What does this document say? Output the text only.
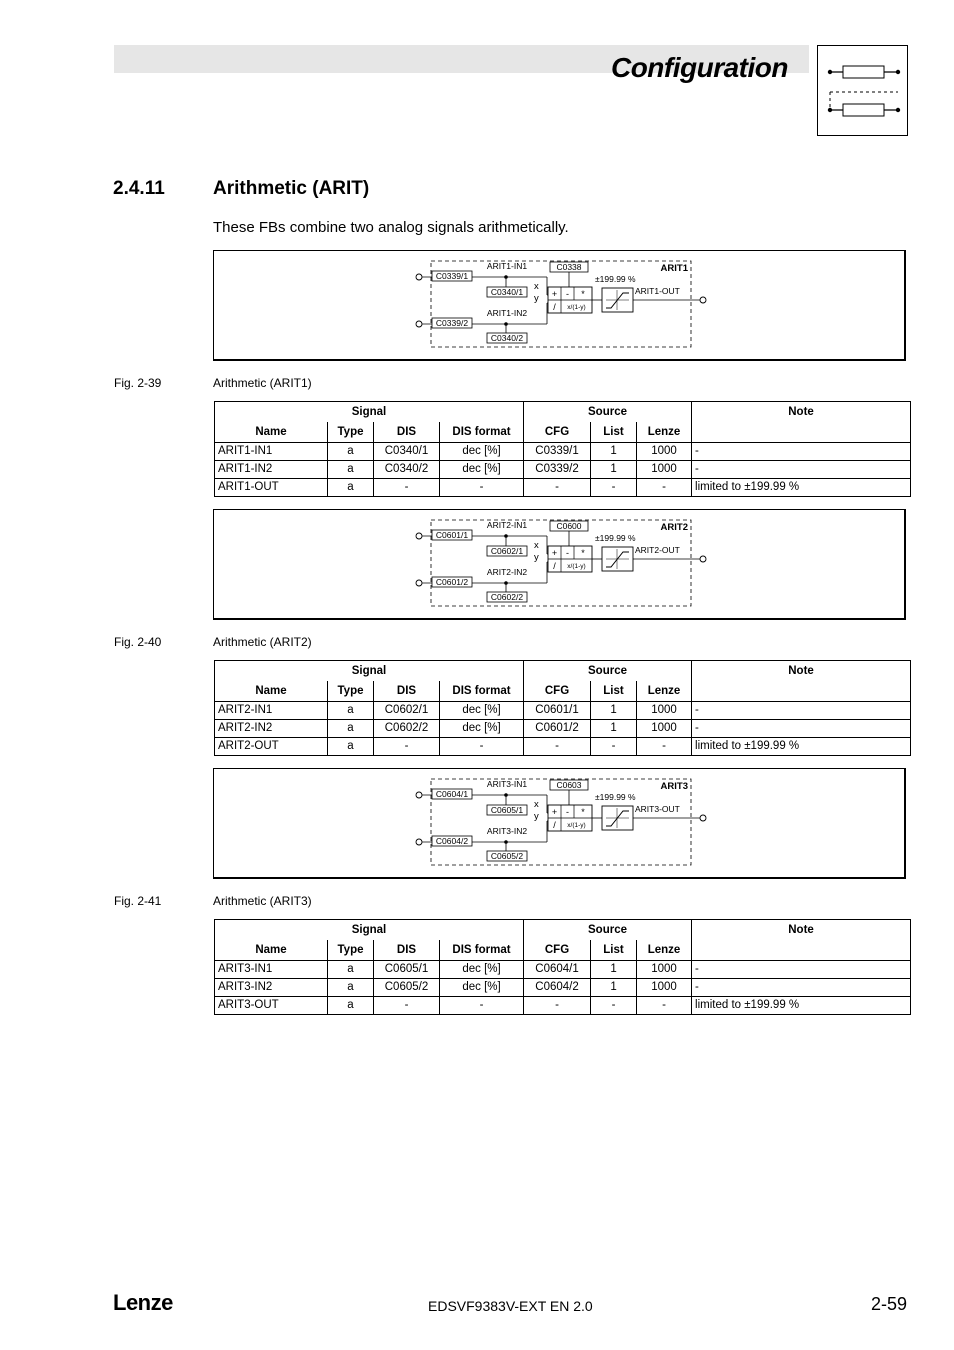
Configuration
2.4.11	Arithmetic (ARIT)
These FBs combine two analog signals arithmetically.
ARIT1
C0339/1
C0339/2
C0340/1
C0340/2
C0338
ARIT1-IN1
ARIT1-IN2
x
y
±199.99 %
ARIT1-OUT
+ - *
/ x/(1-y)
Fig. 2-39	Arithmetic (ARIT1)
Signal				Source			Note
Name	Type	DIS	DIS format	CFG	List	Lenze	
ARIT1-IN1	a	C0340/1	dec [%]	C0339/1	1	1000	-
ARIT1-IN2	a	C0340/2	dec [%]	C0339/2	1	1000	-
ARIT1-OUT	a	-	-	-	-	-	limited to ±199.99 %
ARIT2
C0601/1
C0601/2
C0602/1
C0602/2
C0600
ARIT2-IN1
ARIT2-IN2
x
y
±199.99 %
ARIT2-OUT
+ - *
/ x/(1-y)
Fig. 2-40	Arithmetic (ARIT2)
Signal				Source			Note
Name	Type	DIS	DIS format	CFG	List	Lenze	
ARIT2-IN1	a	C0602/1	dec [%]	C0601/1	1	1000	-
ARIT2-IN2	a	C0602/2	dec [%]	C0601/2	1	1000	-
ARIT2-OUT	a	-	-	-	-	-	limited to ±199.99 %
ARIT3
C0604/1
C0604/2
C0605/1
C0605/2
C0603
ARIT3-IN1
ARIT3-IN2
x
y
±199.99 %
ARIT3-OUT
+ - *
/ x/(1-y)
Fig. 2-41	Arithmetic (ARIT3)
Signal				Source			Note
Name	Type	DIS	DIS format	CFG	List	Lenze	
ARIT3-IN1	a	C0605/1	dec [%]	C0604/1	1	1000	-
ARIT3-IN2	a	C0605/2	dec [%]	C0604/2	1	1000	-
ARIT3-OUT	a	-	-	-	-	-	limited to ±199.99 %
Lenze	EDSVF9383V-EXT EN 2.0	2-59
